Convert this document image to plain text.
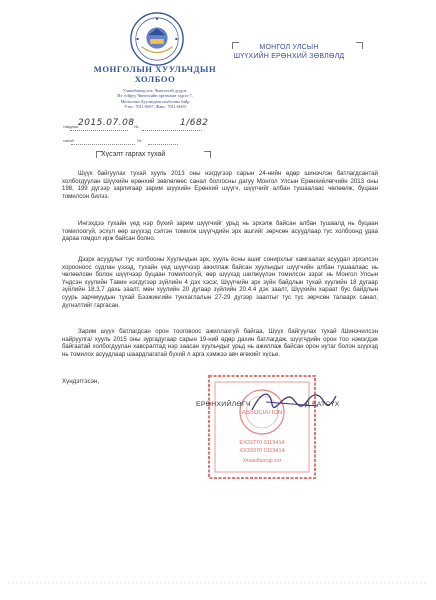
МОНГОЛЫН ХУУЛЬЧДЫН
ХОЛБОО
Улаанбаатар хот, Чингэлтэй дүүрэг
Их тойруу Чингисийн өргөмжит хүрээ-7,
Монголын Хуульчдын холбооны байр
Утас: 7011-6007, Факс: 7011-6003
МОНГОЛ УЛСЫН
ШҮҮХИЙН ЕРӨНХИЙ ЗӨВЛӨЛД
тавдааа 2015.07.08 №	1/682
танай	№
Хүсэлт гаргах тухай

Шүүх байгуулах тухай хууль 2013 оны нэгдүгээр сарын 24-нийн өдөр шинэчлэн батлагдсантай холбогдуулан Шүүхийн ерөнхий зөвлөлөөс санал болгосны дагуу Монгол Улсын Ерөнхийлөгчийн 2013 оны 198, 199 дүгээр зарлигаар зарим шүүхийн Ерөнхий шүүгч, шүүгчийг албан тушаалаас чөлөөлж, буцаан томилсон билээ.

Ингэхдээ тухайн үед нэр бүхий зарим шүүгчийг урьд нь эрхэлж байсан албан тушаалд нь буцаан томилоогүй, эсхүл өөр шүүхэд сэлгэн томилж шүүгчдийн эрх ашгийг зөрчсөн асуудлаар тус холбоонд удаа дараа гомдол ирж байсан болно.

Дээрх асуудлыг тус холбооны Хуульчдын эрх, хууль ёсны ашиг сонирхлыг хамгаалах асуудал эрхэлсэн хорооноос судлан үзээд, тухайн үед шүүгчээр ажиллаж байсан хуульчдыг шүүгчийн албан тушаалаас нь чөлөөлсөн болон шүүгчээр буцаан томилоогүй, өөр шүүхэд шилжүүлэн томилсон зэрэг нь Монгол Улсын Үндсэн хуулийн Тавин нэгдүгээр зүйлийн 4 дэх хэсэг, Шүүгчийн эрх зүйн байдлын тухай хуулийн 18 дугаар зүйлийн 18.3.7 дахь заалт, мөн хуулийн 20 дугаар зүйлийн 20.4.4 дэх заалт, Шүүхийн хараат бус байдлын суурь зарчмуудын тухай Бээжингийн тунхаглалын 27-29 дүгээр заалтыг тус тус зөрчсөн талаарх санал, дүгнэлтийг гаргасан.

Зарим шүүх батлагдсан орон тооговоос ажиллахгүй байгаа, Шүүх байгуулах тухай /Шинэчилсэн найруулга/ хууль 2015 оны зургадугаар сарын 19-ний өдөр дахин батлагдаж, шүүгчдийн орон тоо нэмэгдэж байгаатай холбогдуулан хавсралтад нэр заасан хуульчдыг урьд нь ажиллаж байсан орон нутаг болон шүүхэд нь томилох асуудлаар шаардлагатай бүхий л арга хэмжээ авч өгөхийг хүсье.

Хүндэтгэсэн,
ASSOCIATION
EX33770 0119414
ХХЗ3370 0119414
Улаанбаатар хот
ЕРӨНХИЙЛӨГЧ	Д.БАТСҮХ
